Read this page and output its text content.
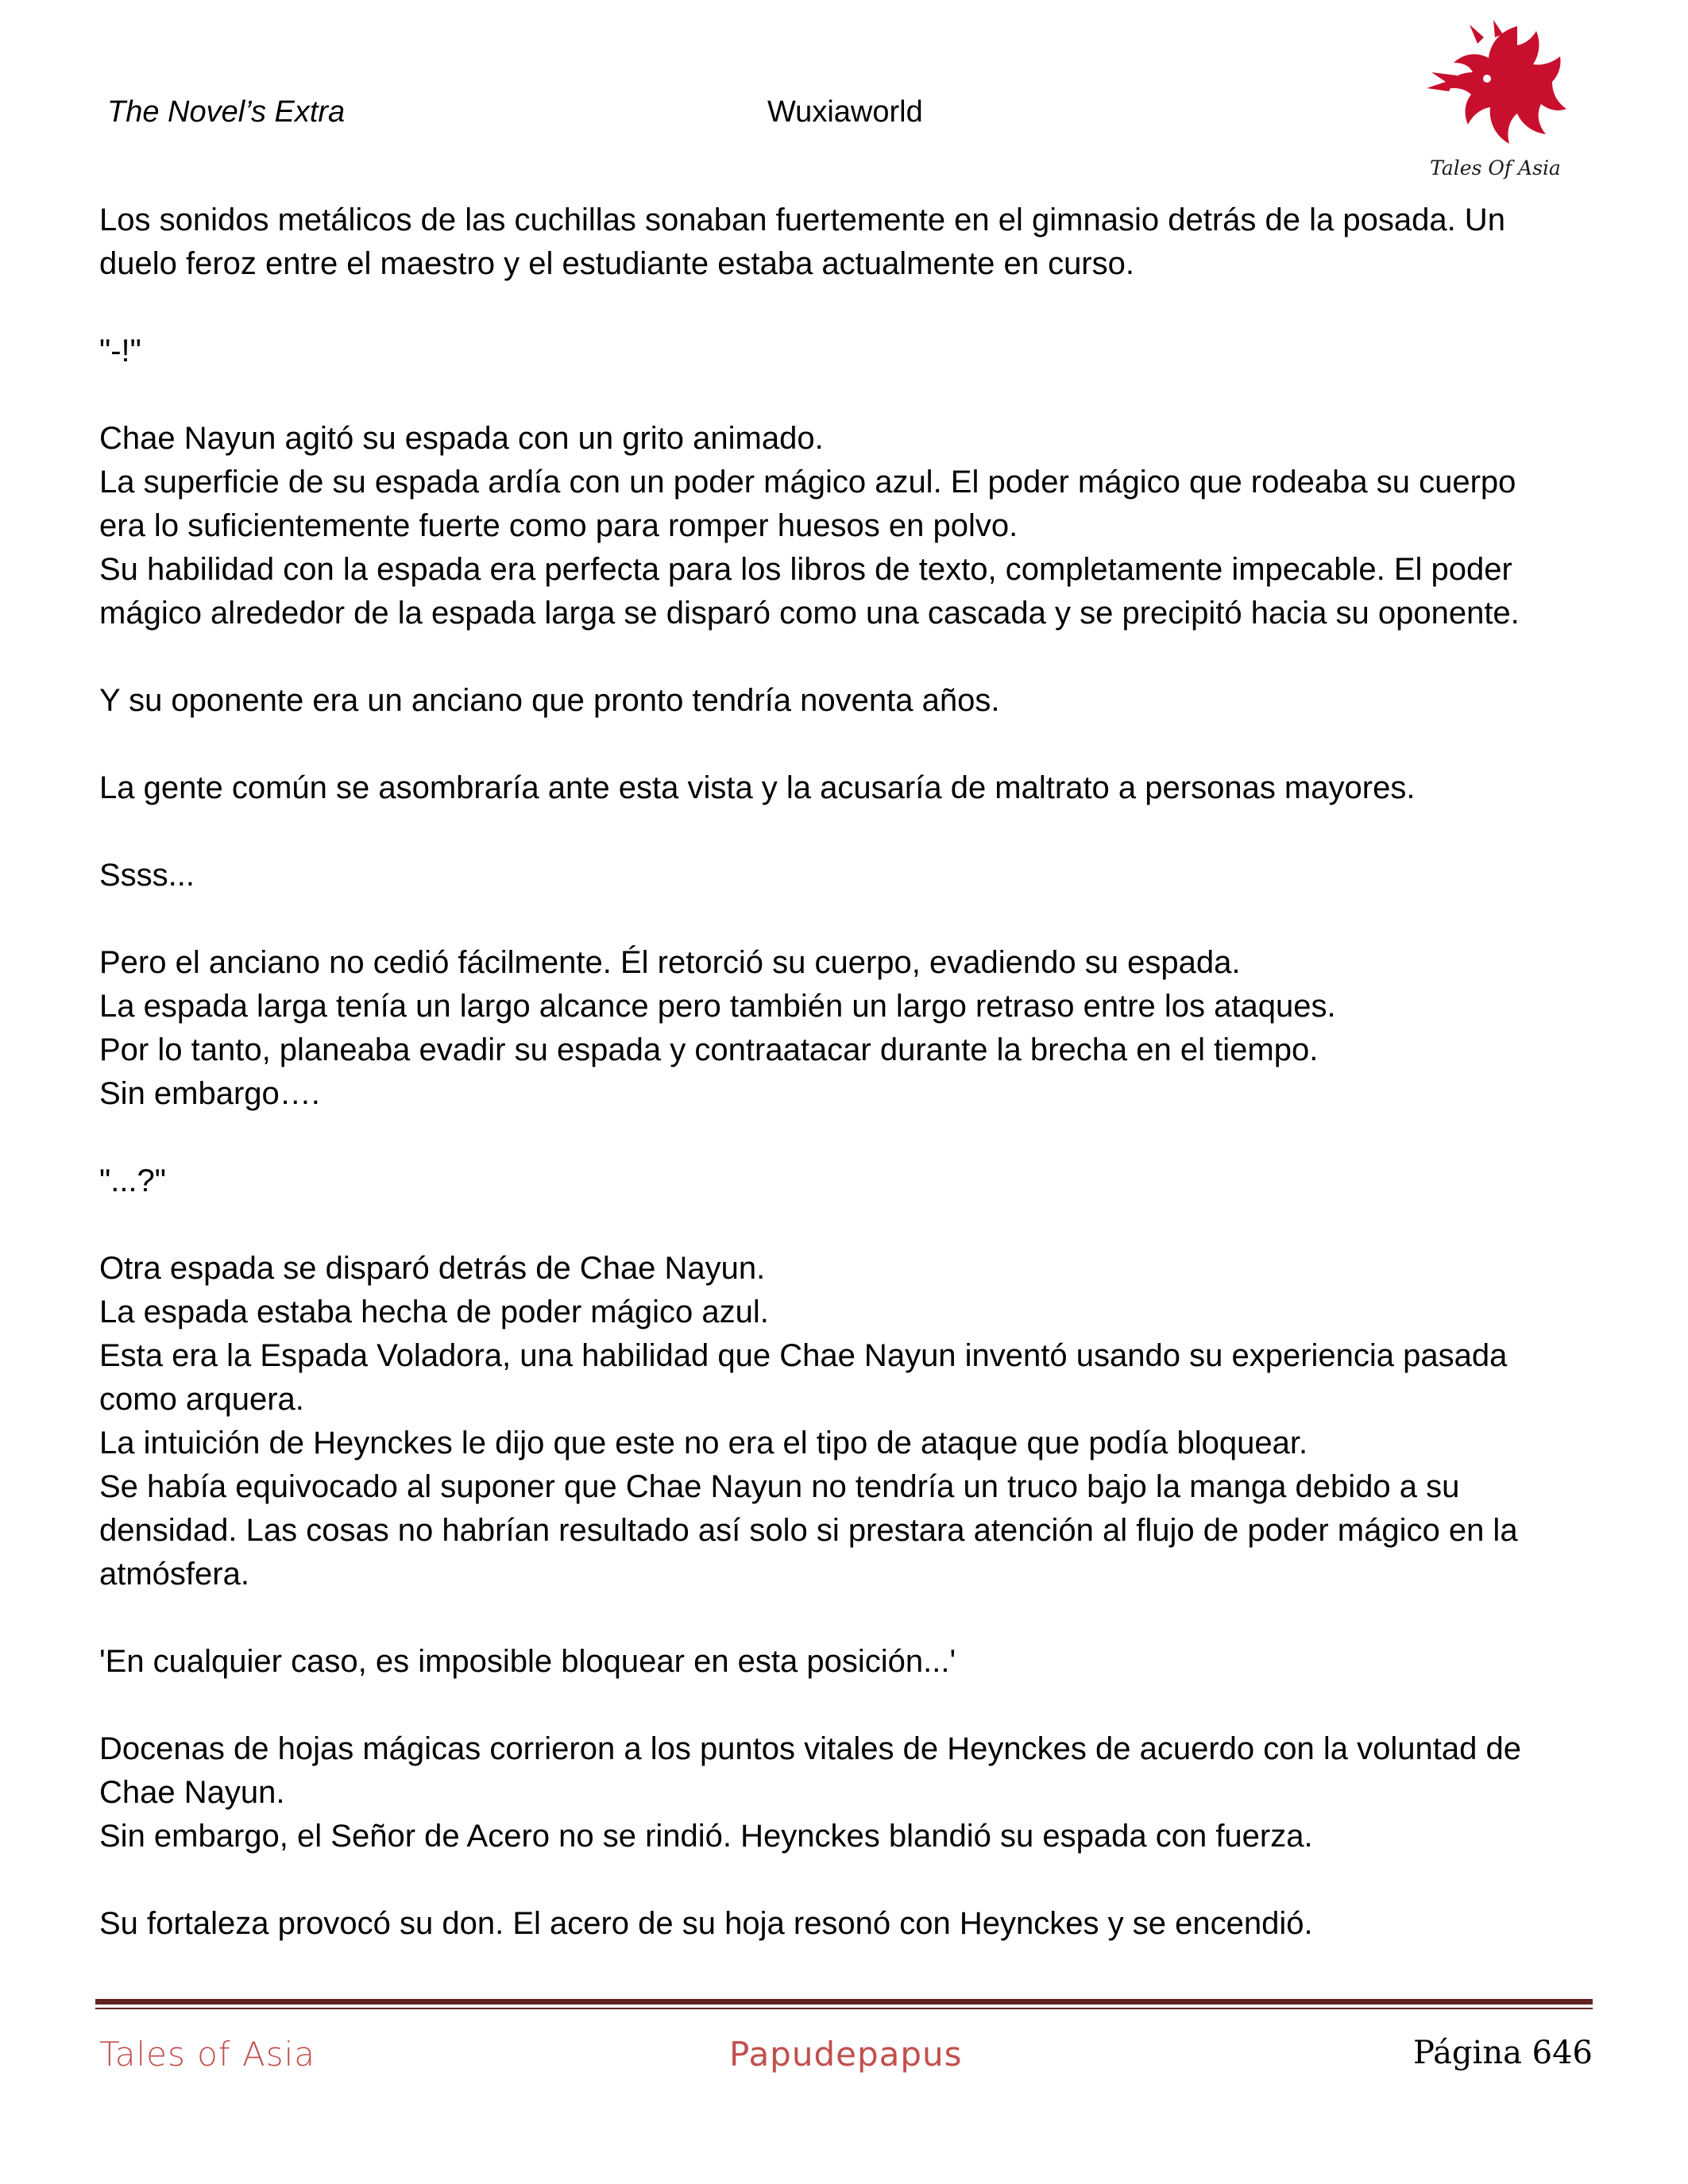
The Novel’s Extra	Wuxiaworld
Tales Of Asia

Los sonidos metálicos de las cuchillas sonaban fuertemente en el gimnasio detrás de la posada. Un
duelo feroz entre el maestro y el estudiante estaba actualmente en curso.

"-!"

Chae Nayun agitó su espada con un grito animado.
La superficie de su espada ardía con un poder mágico azul. El poder mágico que rodeaba su cuerpo
era lo suficientemente fuerte como para romper huesos en polvo.
Su habilidad con la espada era perfecta para los libros de texto, completamente impecable. El poder
mágico alrededor de la espada larga se disparó como una cascada y se precipitó hacia su oponente.

Y su oponente era un anciano que pronto tendría noventa años.

La gente común se asombraría ante esta vista y la acusaría de maltrato a personas mayores.

Ssss...

Pero el anciano no cedió fácilmente. Él retorció su cuerpo, evadiendo su espada.
La espada larga tenía un largo alcance pero también un largo retraso entre los ataques.
Por lo tanto, planeaba evadir su espada y contraatacar durante la brecha en el tiempo.
Sin embargo….

"...?"

Otra espada se disparó detrás de Chae Nayun.
La espada estaba hecha de poder mágico azul.
Esta era la Espada Voladora, una habilidad que Chae Nayun inventó usando su experiencia pasada
como arquera.
La intuición de Heynckes le dijo que este no era el tipo de ataque que podía bloquear.
Se había equivocado al suponer que Chae Nayun no tendría un truco bajo la manga debido a su
densidad. Las cosas no habrían resultado así solo si prestara atención al flujo de poder mágico en la
atmósfera.

'En cualquier caso, es imposible bloquear en esta posición...'

Docenas de hojas mágicas corrieron a los puntos vitales de Heynckes de acuerdo con la voluntad de
Chae Nayun.
Sin embargo, el Señor de Acero no se rindió. Heynckes blandió su espada con fuerza.

Su fortaleza provocó su don. El acero de su hoja resonó con Heynckes y se encendió.

Tales of Asia	Papudepapus	Página 646
